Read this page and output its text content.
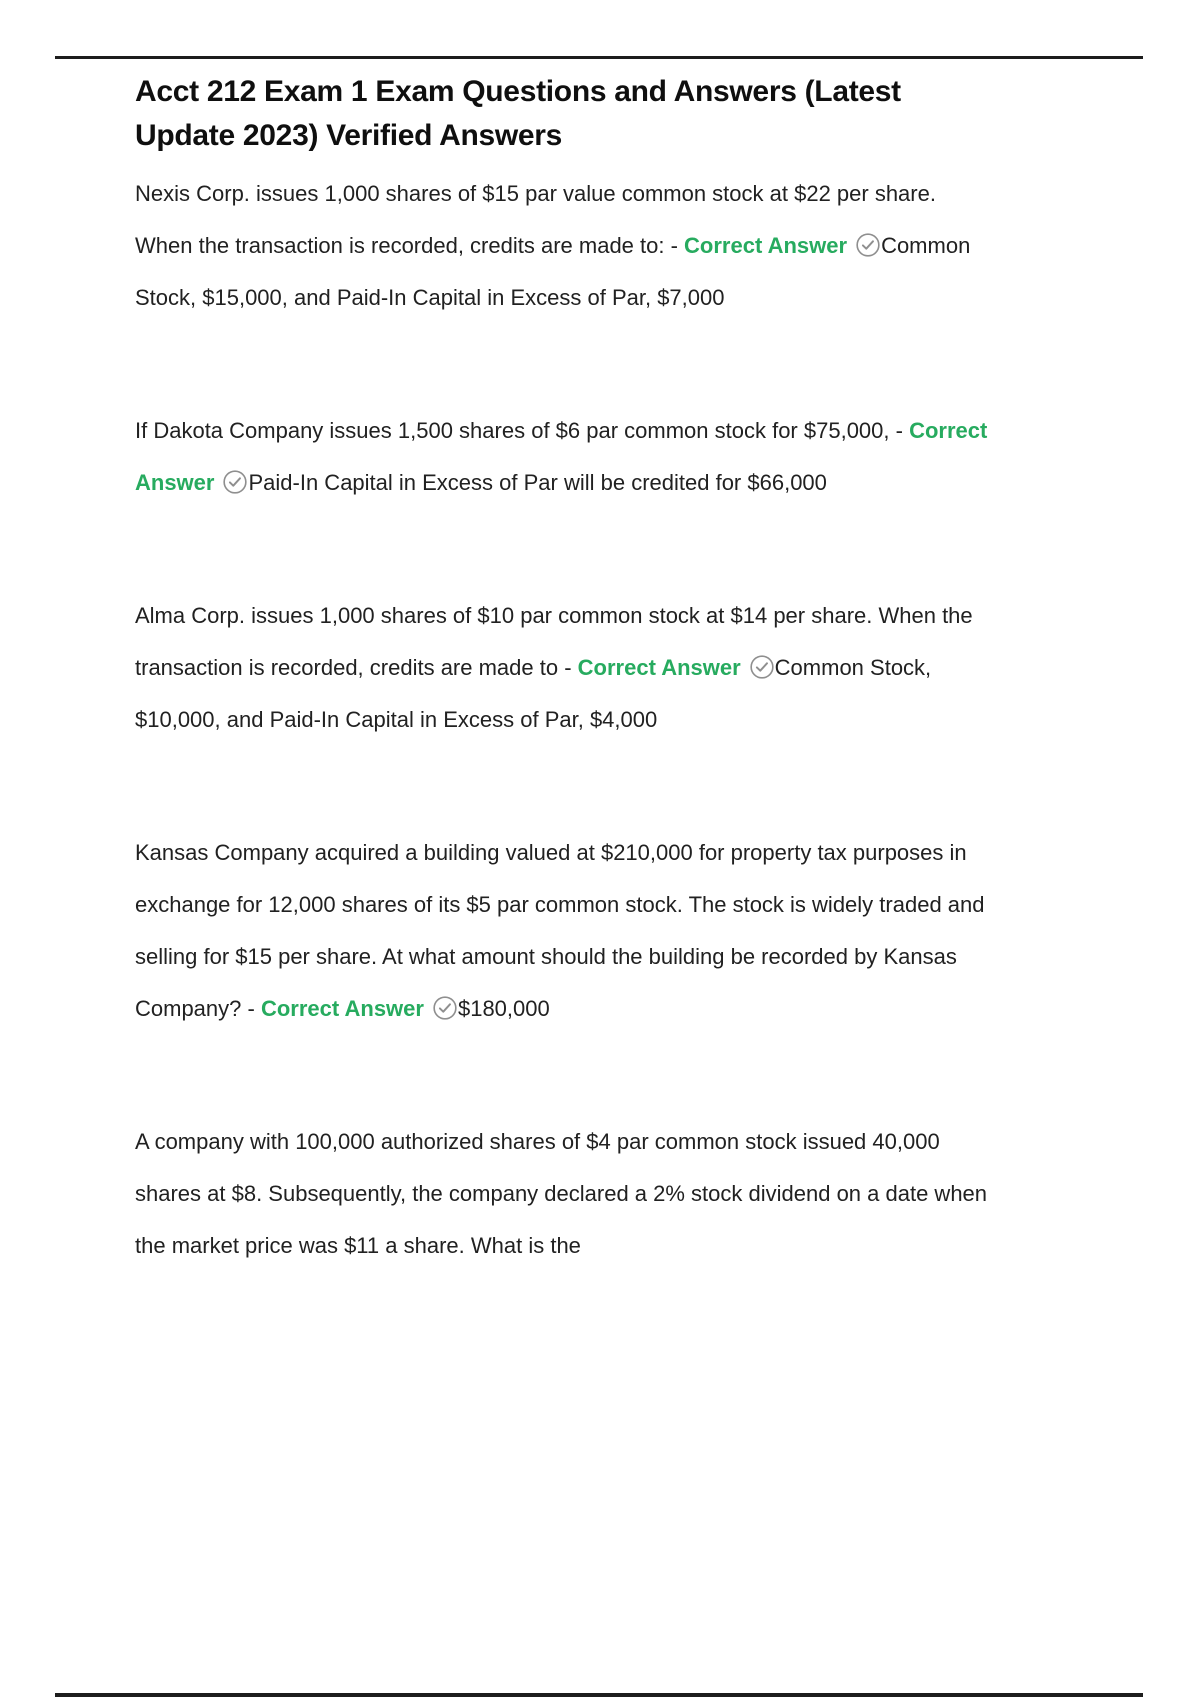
Acct 212 Exam 1 Exam Questions and Answers (Latest Update 2023) Verified Answers

Nexis Corp. issues 1,000 shares of $15 par value common stock at $22 per share. When the transaction is recorded, credits are made to: - Correct Answer Common Stock, $15,000, and Paid-In Capital in Excess of Par, $7,000

If Dakota Company issues 1,500 shares of $6 par common stock for $75,000, - Correct Answer Paid-In Capital in Excess of Par will be credited for $66,000

Alma Corp. issues 1,000 shares of $10 par common stock at $14 per share. When the transaction is recorded, credits are made to - Correct Answer Common Stock, $10,000, and Paid-In Capital in Excess of Par, $4,000

Kansas Company acquired a building valued at $210,000 for property tax purposes in exchange for 12,000 shares of its $5 par common stock. The stock is widely traded and selling for $15 per share. At what amount should the building be recorded by Kansas Company? - Correct Answer $180,000

A company with 100,000 authorized shares of $4 par common stock issued 40,000 shares at $8. Subsequently, the company declared a 2% stock dividend on a date when the market price was $11 a share. What is the
